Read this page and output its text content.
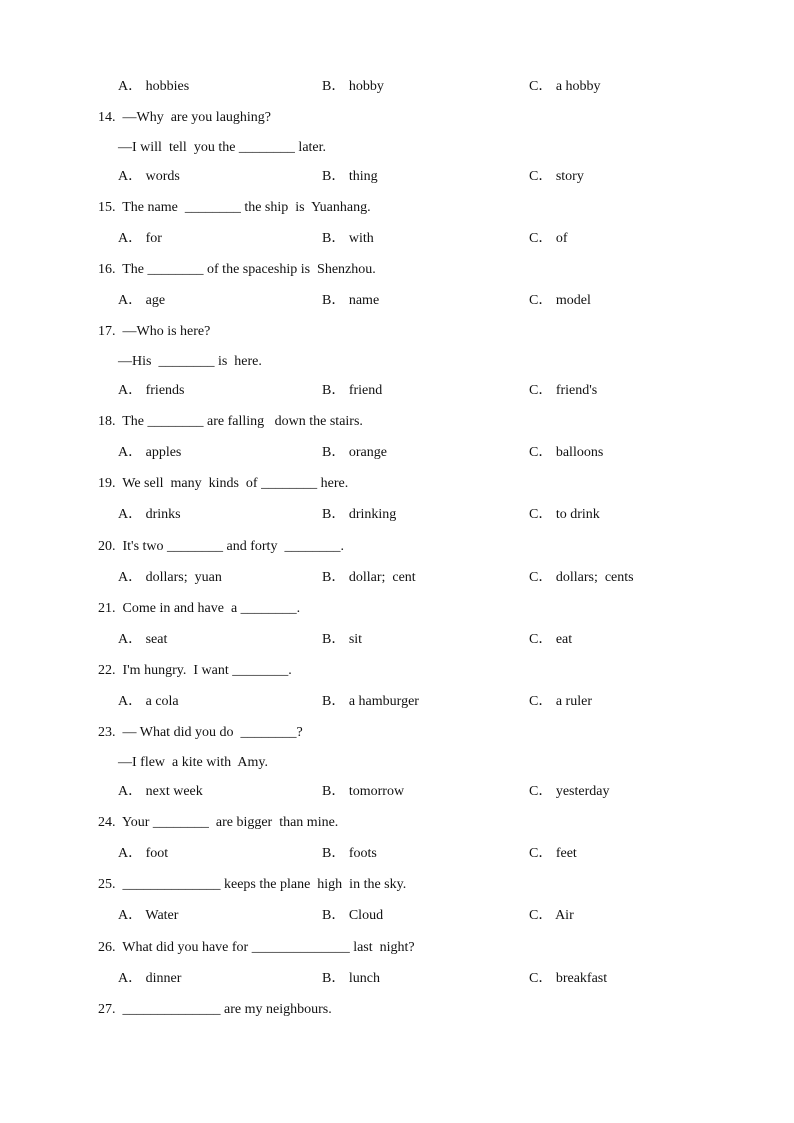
A． hobbies	B． hobby	C． a hobby
14.  —Why  are you laughing?
—I will  tell  you the ________ later.
A． words	B． thing	C． story
15.  The name  ________ the ship  is  Yuanhang.
A． for	B． with	C． of
16.  The ________ of the spaceship is  Shenzhou.
A． age	B． name	C． model
17.  —Who is here?
—His  ________ is  here.
A． friends	B． friend	C． friend's
18.  The ________ are falling   down the stairs.
A． apples	B． orange	C． balloons
19.  We sell  many  kinds  of ________ here.
A． drinks	B． drinking	C． to drink
20.  It's two ________ and forty  ________.
A． dollars;  yuan	B． dollar;  cent	C． dollars;  cents
21.  Come in and have  a ________.
A． seat	B． sit	C． eat
22.  I'm hungry.  I want ________.
A． a cola	B． a hamburger	C． a ruler
23.  — What did you do  ________?
—I flew  a kite with  Amy.
A． next week	B． tomorrow	C． yesterday
24.  Your ________  are bigger  than mine.
A． foot	B． foots	C． feet
25.  ______________ keeps the plane  high  in the sky.
A． Water	B． Cloud	C． Air
26.  What did you have for ______________ last  night?
A． dinner	B． lunch	C． breakfast
27.  ______________ are my neighbours.
